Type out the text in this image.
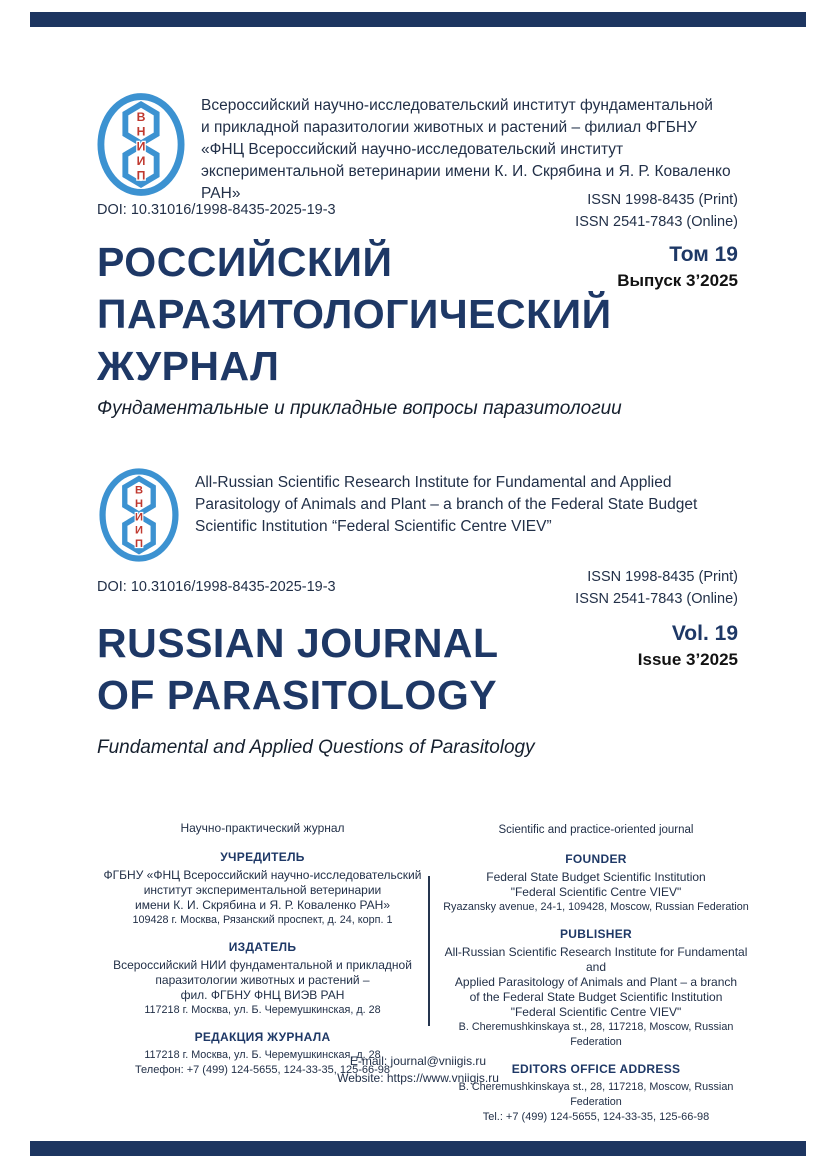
В
Н
И
И
П
Всероссийский научно-исследовательский институт фундаментальной
и прикладной паразитологии животных и растений – филиал ФГБНУ
«ФНЦ Всероссийский научно-исследовательский институт
экспериментальной ветеринарии имени К. И. Скрябина и Я. Р. Коваленко РАН»
DOI: 10.31016/1998-8435-2025-19-3
ISSN 1998-8435 (Print)
ISSN 2541-7843 (Online)
Том 19
Выпуск 3’2025
РОССИЙСКИЙ
ПАРАЗИТОЛОГИЧЕСКИЙ
ЖУРНАЛ
Фундаментальные и прикладные вопросы паразитологии
В
Н
И
И
П
All-Russian Scientific Research Institute for Fundamental and Applied
Parasitology of Animals and Plant – a branch of the Federal State Budget
Scientific Institution “Federal Scientific Centre VIEV”
DOI: 10.31016/1998-8435-2025-19-3
ISSN 1998-8435 (Print)
ISSN 2541-7843 (Online)
Vol. 19
Issue 3’2025
RUSSIAN JOURNAL
OF PARASITOLOGY
Fundamental and Applied Questions of Parasitology
Научно-практический журнал
УЧРЕДИТЕЛЬ
ФГБНУ «ФНЦ Всероссийский научно-исследовательский
институт экспериментальной ветеринарии
имени К. И. Скрябина и Я. Р. Коваленко РАН»
109428 г. Москва, Рязанский проспект, д. 24, корп. 1
ИЗДАТЕЛЬ
Всероссийский НИИ фундаментальной и прикладной
паразитологии животных и растений –
фил. ФГБНУ ФНЦ ВИЭВ РАН
117218 г. Москва, ул. Б. Черемушкинская, д. 28
РЕДАКЦИЯ ЖУРНАЛА
117218 г. Москва, ул. Б. Черемушкинская, д. 28
Телефон: +7 (499) 124-5655, 124-33-35, 125-66-98
Scientific and practice-oriented journal
FOUNDER
Federal State Budget Scientific Institution
"Federal Scientific Centre VIEV"
Ryazansky avenue, 24-1, 109428, Moscow, Russian Federation
PUBLISHER
All-Russian Scientific Research Institute for Fundamental and
Applied Parasitology of Animals and Plant – a branch
of the Federal State Budget Scientific Institution
"Federal Scientific Centre VIEV"
B. Cheremushkinskaya st., 28, 117218, Moscow, Russian Federation
EDITORS OFFICE ADDRESS
B. Cheremushkinskaya st., 28, 117218, Moscow, Russian Federation
Tel.: +7 (499) 124-5655, 124-33-35, 125-66-98
E-mail: journal@vniigis.ru
Website: https://www.vniigis.ru
